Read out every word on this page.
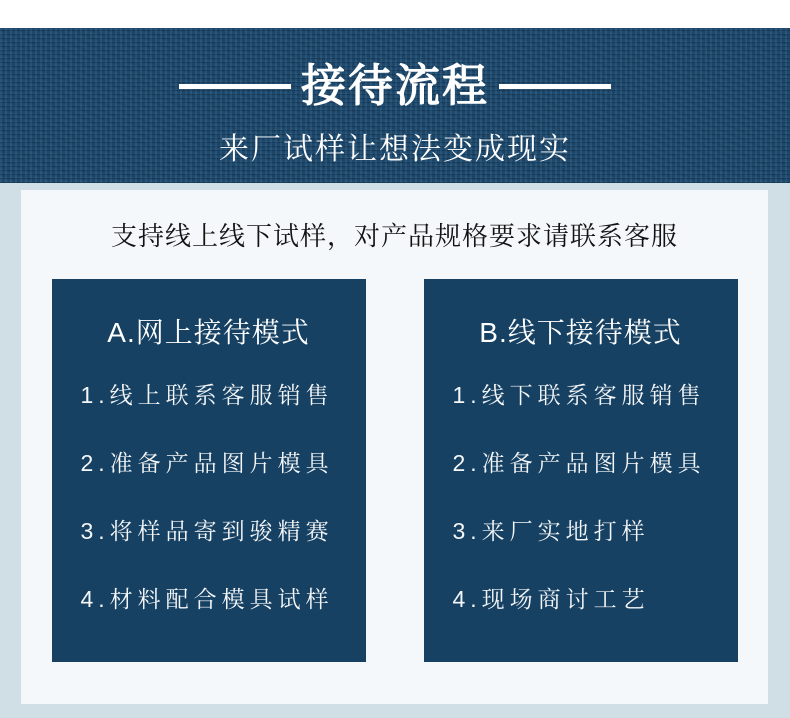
接待流程
来厂试样让想法变成现实
支持线上线下试样，对产品规格要求请联系客服
A.网上接待模式
1.线上联系客服销售
2.准备产品图片模具
3.将样品寄到骏精赛
4.材料配合模具试样
B.线下接待模式
1.线下联系客服销售
2.准备产品图片模具
3.来厂实地打样
4.现场商讨工艺
